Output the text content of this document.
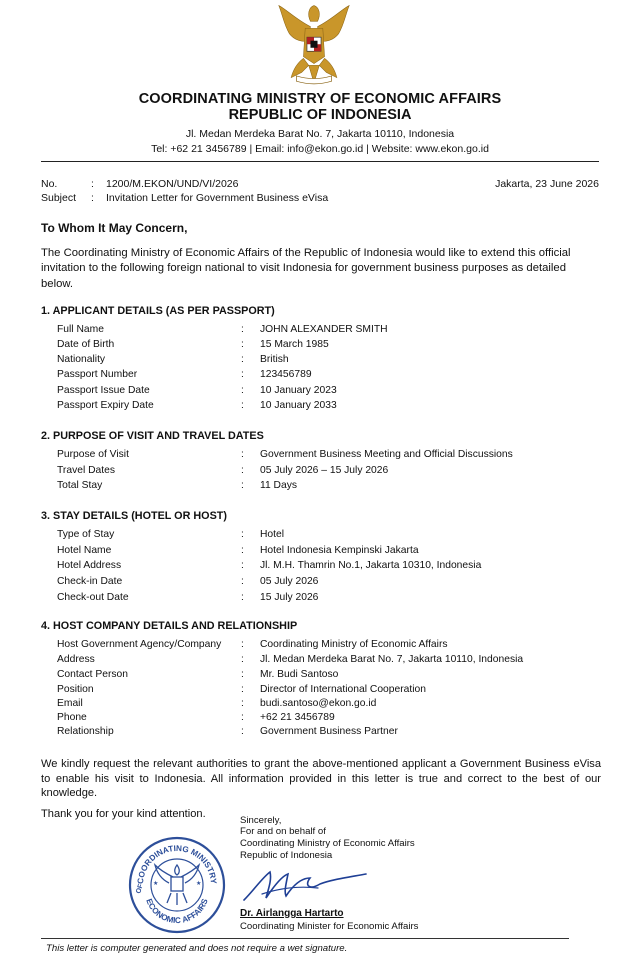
COORDINATING MINISTRY OF ECONOMIC AFFAIRS
REPUBLIC OF INDONESIA
Jl. Medan Merdeka Barat No. 7, Jakarta 10110, Indonesia
Tel: +62 21 3456789 | Email: info@ekon.go.id | Website: www.ekon.go.id
No.	: 1200/M.EKON/UND/VI/2026	Jakarta, 23 June 2026
Subject : Invitation Letter for Government Business eVisa
To Whom It May Concern,
The Coordinating Ministry of Economic Affairs of the Republic of Indonesia would like to extend this official invitation to the following foreign national to visit Indonesia for government business purposes as detailed below.
1. APPLICANT DETAILS (AS PER PASSPORT)
Full Name	: JOHN ALEXANDER SMITH
Date of Birth	: 15 March 1985
Nationality	: British
Passport Number	: 123456789
Passport Issue Date	: 10 January 2023
Passport Expiry Date	: 10 January 2033
2. PURPOSE OF VISIT AND TRAVEL DATES
Purpose of Visit	: Government Business Meeting and Official Discussions
Travel Dates	: 05 July 2026 – 15 July 2026
Total Stay	: 11 Days
3. STAY DETAILS (HOTEL OR HOST)
Type of Stay	: Hotel
Hotel Name	: Hotel Indonesia Kempinski Jakarta
Hotel Address	: Jl. M.H. Thamrin No.1, Jakarta 10310, Indonesia
Check-in Date	: 05 July 2026
Check-out Date	: 15 July 2026
4. HOST COMPANY DETAILS AND RELATIONSHIP
Host Government Agency/Company : Coordinating Ministry of Economic Affairs
Address	: Jl. Medan Merdeka Barat No. 7, Jakarta 10110, Indonesia
Contact Person	: Mr. Budi Santoso
Position	: Director of International Cooperation
Email	: budi.santoso@ekon.go.id
Phone	: +62 21 3456789
Relationship	: Government Business Partner
We kindly request the relevant authorities to grant the above-mentioned applicant a Government Business eVisa to enable his visit to Indonesia. All information provided in this letter is true and correct to the best of our knowledge.
Thank you for your kind attention.
Sincerely,
For and on behalf of
Coordinating Ministry of Economic Affairs
Republic of Indonesia
Dr. Airlangga Hartarto
Coordinating Minister for Economic Affairs
COORDINATING MINISTRY
ECONOMIC AFFAIRS
OF ★	★
This letter is computer generated and does not require a wet signature.
